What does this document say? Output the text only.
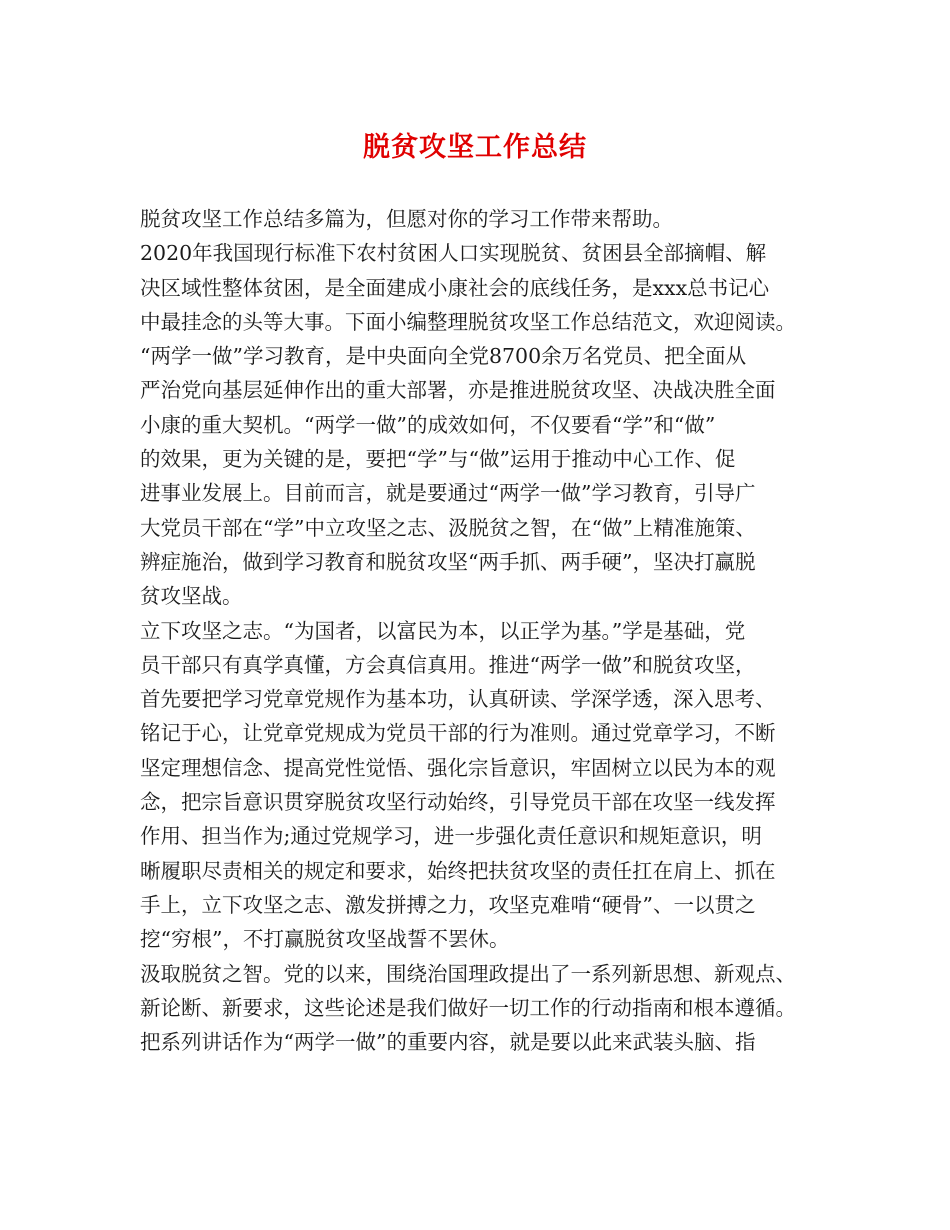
脱贫攻坚工作总结
脱贫攻坚工作总结多篇为，但愿对你的学习工作带来帮助。
2020年我国现行标准下农村贫困人口实现脱贫、贫困县全部摘帽、解
决区域性整体贫困，是全面建成小康社会的底线任务，是xxx总书记心
中最挂念的头等大事。下面小编整理脱贫攻坚工作总结范文，欢迎阅读。
“两学一做”学习教育，是中央面向全党8700余万名党员、把全面从
严治党向基层延伸作出的重大部署，亦是推进脱贫攻坚、决战决胜全面
小康的重大契机。“两学一做”的成效如何，不仅要看“学”和“做”
的效果，更为关键的是，要把“学”与“做”运用于推动中心工作、促
进事业发展上。目前而言，就是要通过“两学一做”学习教育，引导广
大党员干部在“学”中立攻坚之志、汲脱贫之智，在“做”上精准施策、
辨症施治，做到学习教育和脱贫攻坚“两手抓、两手硬”，坚决打赢脱
贫攻坚战。
立下攻坚之志。“为国者，以富民为本，以正学为基。”学是基础，党
员干部只有真学真懂，方会真信真用。推进“两学一做”和脱贫攻坚，
首先要把学习党章党规作为基本功，认真研读、学深学透，深入思考、
铭记于心，让党章党规成为党员干部的行为准则。通过党章学习，不断
坚定理想信念、提高党性觉悟、强化宗旨意识，牢固树立以民为本的观
念，把宗旨意识贯穿脱贫攻坚行动始终，引导党员干部在攻坚一线发挥
作用、担当作为;通过党规学习，进一步强化责任意识和规矩意识，明
晰履职尽责相关的规定和要求，始终把扶贫攻坚的责任扛在肩上、抓在
手上，立下攻坚之志、激发拼搏之力，攻坚克难啃“硬骨”、一以贯之
挖“穷根”，不打赢脱贫攻坚战誓不罢休。
汲取脱贫之智。党的以来，围绕治国理政提出了一系列新思想、新观点、
新论断、新要求，这些论述是我们做好一切工作的行动指南和根本遵循。
把系列讲话作为“两学一做”的重要内容，就是要以此来武装头脑、指
